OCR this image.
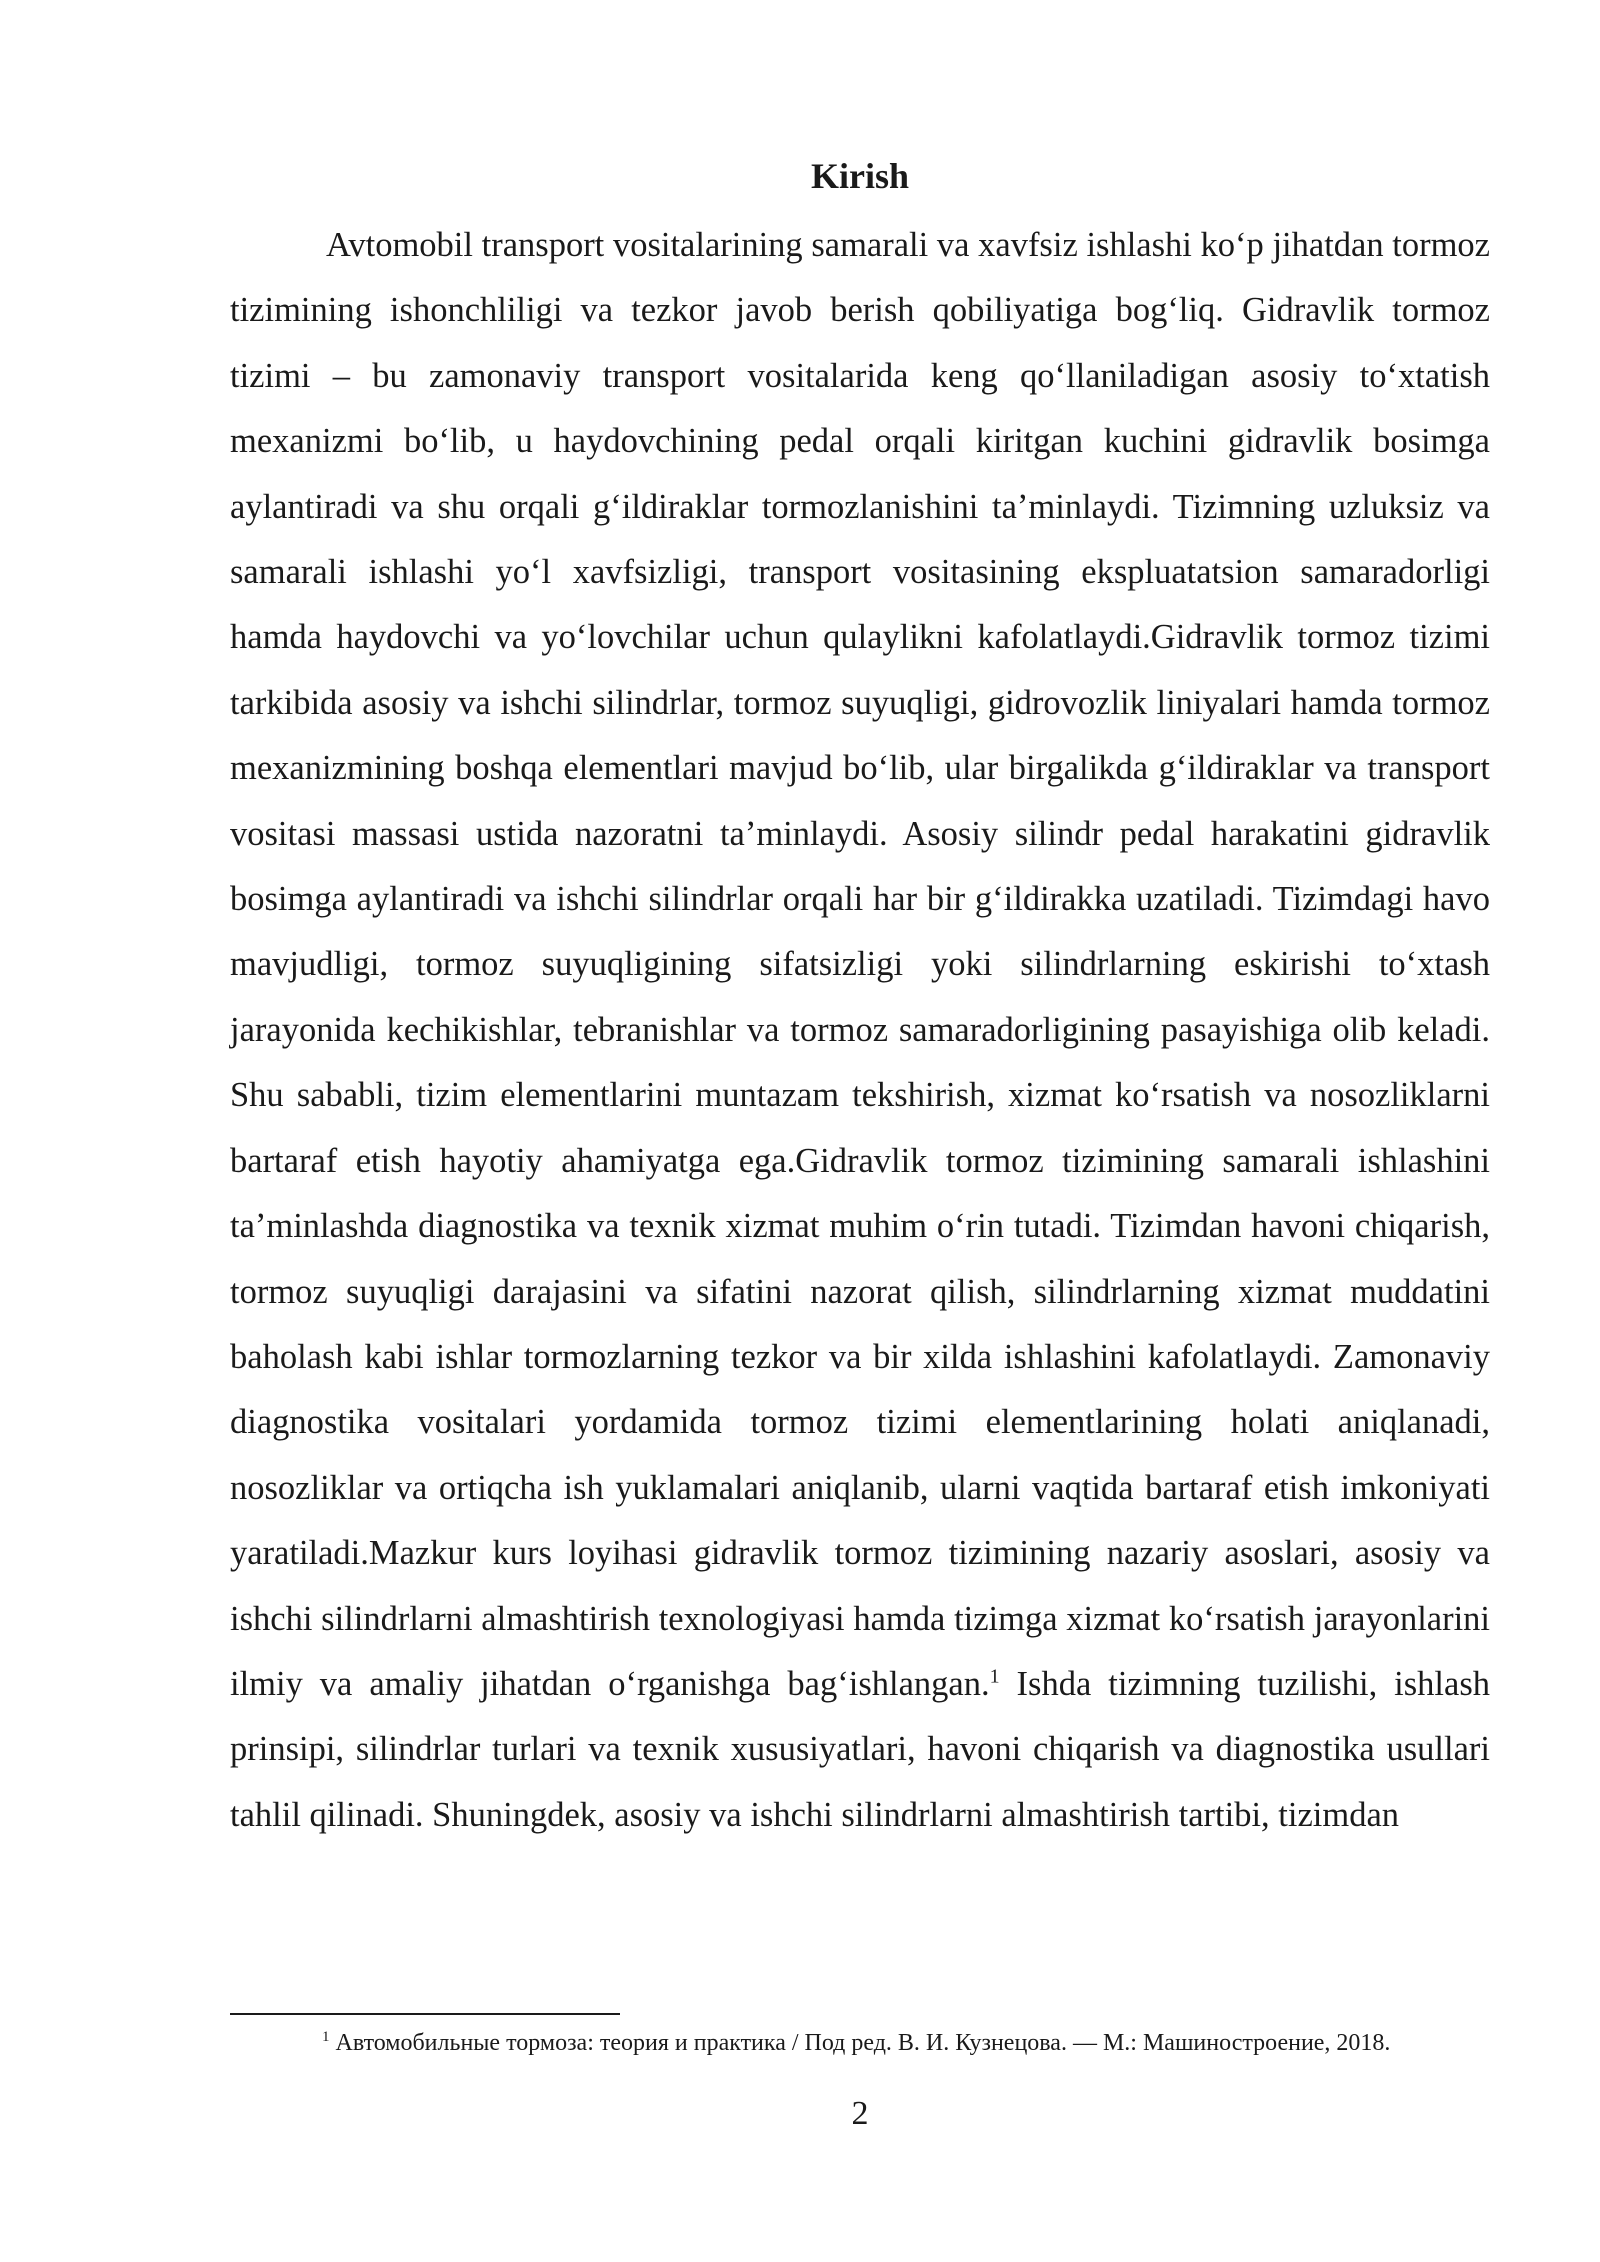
Kirish

Avtomobil transport vositalarining samarali va xavfsiz ishlashi koʻp jihatdan tormoz tizimining ishonchliligi va tezkor javob berish qobiliyatiga bogʻliq. Gidravlik tormoz tizimi – bu zamonaviy transport vositalarida keng qoʻllaniladigan asosiy toʻxtatish mexanizmi boʻlib, u haydovchining pedal orqali kiritgan kuchini gidravlik bosimga aylantiradi va shu orqali gʻildiraklar tormozlanishini taʼminlaydi. Tizimning uzluksiz va samarali ishlashi yoʻl xavfsizligi, transport vositasining ekspluatatsion samaradorligi hamda haydovchi va yoʻlovchilar uchun qulaylikni kafolatlaydi.Gidravlik tormoz tizimi tarkibida asosiy va ishchi silindrlar, tormoz suyuqligi, gidrovozlik liniyalari hamda tormoz mexanizmining boshqa elementlari mavjud boʻlib, ular birgalikda gʻildiraklar va transport vositasi massasi ustida nazoratni taʼminlaydi. Asosiy silindr pedal harakatini gidravlik bosimga aylantiradi va ishchi silindrlar orqali har bir gʻildirakka uzatiladi. Tizimdagi havo mavjudligi, tormoz suyuqligining sifatsizligi yoki silindrlarning eskirishi toʻxtash jarayonida kechikishlar, tebranishlar va tormoz samaradorligining pasayishiga olib keladi. Shu sababli, tizim elementlarini muntazam tekshirish, xizmat koʻrsatish va nosozliklarni bartaraf etish hayotiy ahamiyatga ega.Gidravlik tormoz tizimining samarali ishlashini taʼminlashda diagnostika va texnik xizmat muhim oʻrin tutadi. Tizimdan havoni chiqarish, tormoz suyuqligi darajasini va sifatini nazorat qilish, silindrlarning xizmat muddatini baholash kabi ishlar tormozlarning tezkor va bir xilda ishlashini kafolatlaydi. Zamonaviy diagnostika vositalari yordamida tormoz tizimi elementlarining holati aniqlanadi, nosozliklar va ortiqcha ish yuklamalari aniqlanib, ularni vaqtida bartaraf etish imkoniyati yaratiladi.Mazkur kurs loyihasi gidravlik tormoz tizimining nazariy asoslari, asosiy va ishchi silindrlarni almashtirish texnologiyasi hamda tizimga xizmat koʻrsatish jarayonlarini ilmiy va amaliy jihatdan oʻrganishga bagʻishlangan.$^1$ Ishda tizimning tuzilishi, ishlash prinsipi, silindrlar turlari va texnik xususiyatlari, havoni chiqarish va diagnostika usullari tahlil qilinadi. Shuningdek, asosiy va ishchi silindrlarni almashtirish tartibi, tizimdan

$^1$ Автомобильные тормоза: теория и практика / Под ред. В. И. Кузнецова. — М.: Машиностроение, 2018.

2
